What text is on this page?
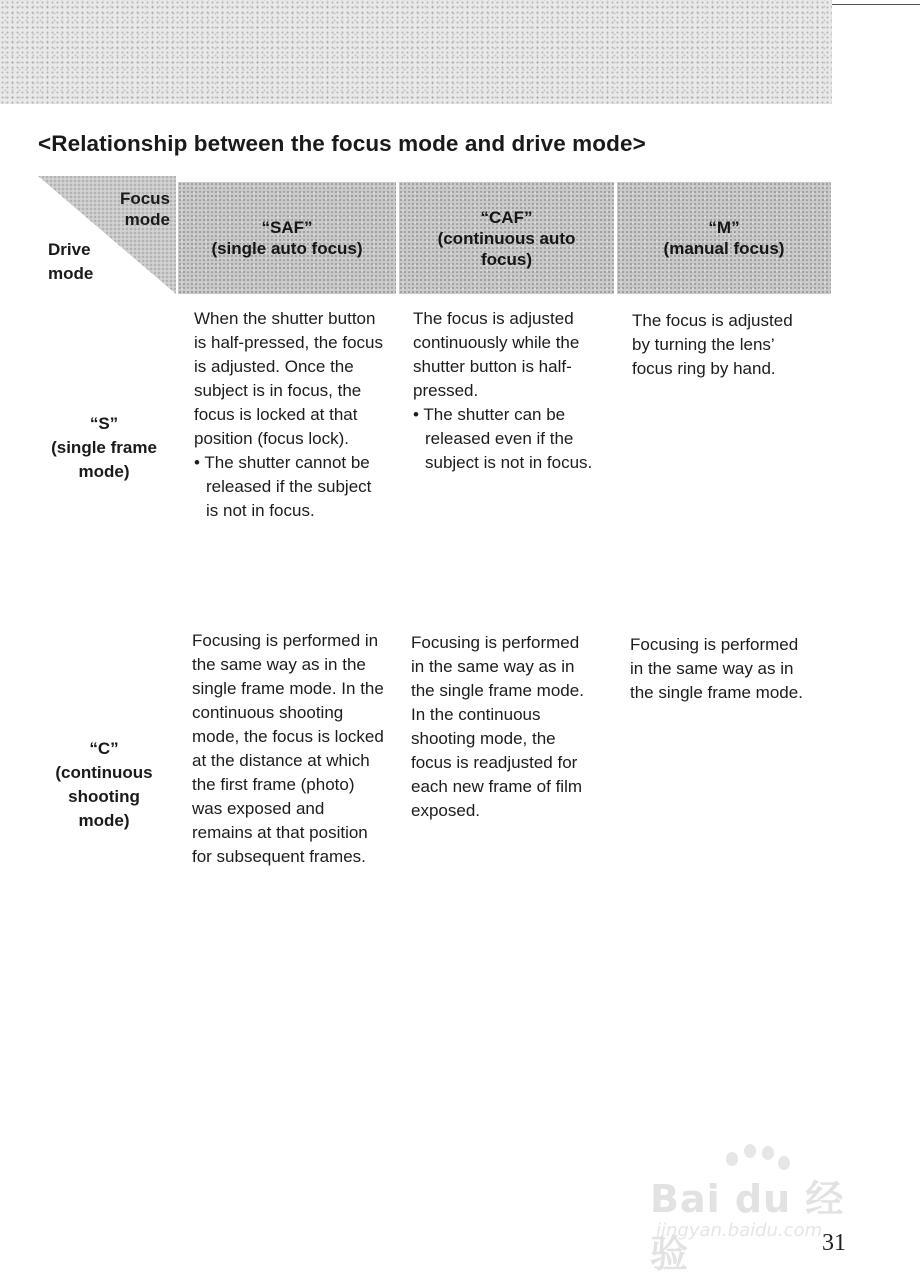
<Relationship between the focus mode and drive mode>
Focus
mode
Drive
mode
“SAF”
(single auto focus)
“CAF”
(continuous auto
focus)
“M”
(manual focus)
“S”
(single frame
mode)

When the shutter button is half-pressed, the focus is adjusted. Once the subject is in focus, the focus is locked at that position (focus lock).

• The shutter cannot be released if the subject is not in focus.

The focus is adjusted continuously while the shutter button is half-pressed.

• The shutter can be released even if the subject is not in focus.

The focus is adjusted by turning the lens’ focus ring by hand.

“C”
(continuous
shooting
mode)

Focusing is performed in the same way as in the single frame mode. In the continuous shooting mode, the focus is locked at the distance at which the first frame (photo) was exposed and remains at that position for subsequent frames.

Focusing is performed in the same way as in the single frame mode. In the continuous shooting mode, the focus is readjusted for each new frame of film exposed.

Focusing is performed in the same way as in the single frame mode.

Bai du 经验
jingyan.baidu.com 31
